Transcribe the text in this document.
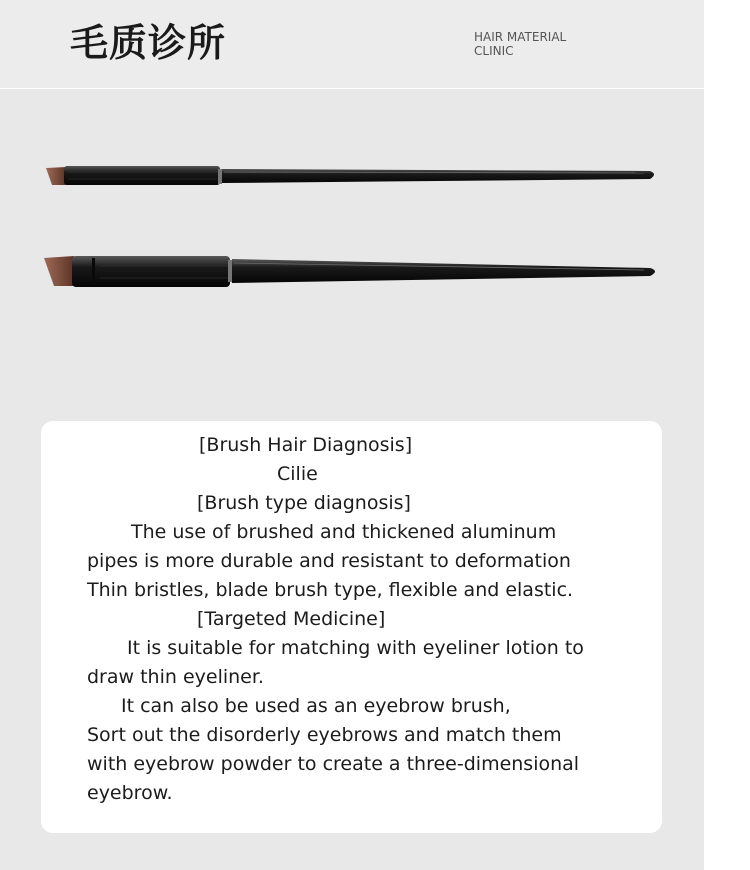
毛质诊所	HAIR MATERIAL
CLINIC
[Brush Hair Diagnosis]
Cilie
[Brush type diagnosis]
The use of brushed and thickened aluminum
pipes is more durable and resistant to deformation
Thin bristles, blade brush type, flexible and elastic.
[Targeted Medicine]
It is suitable for matching with eyeliner lotion to
draw thin eyeliner.
It can also be used as an eyebrow brush,
Sort out the disorderly eyebrows and match them
with eyebrow powder to create a three-dimensional
eyebrow.
